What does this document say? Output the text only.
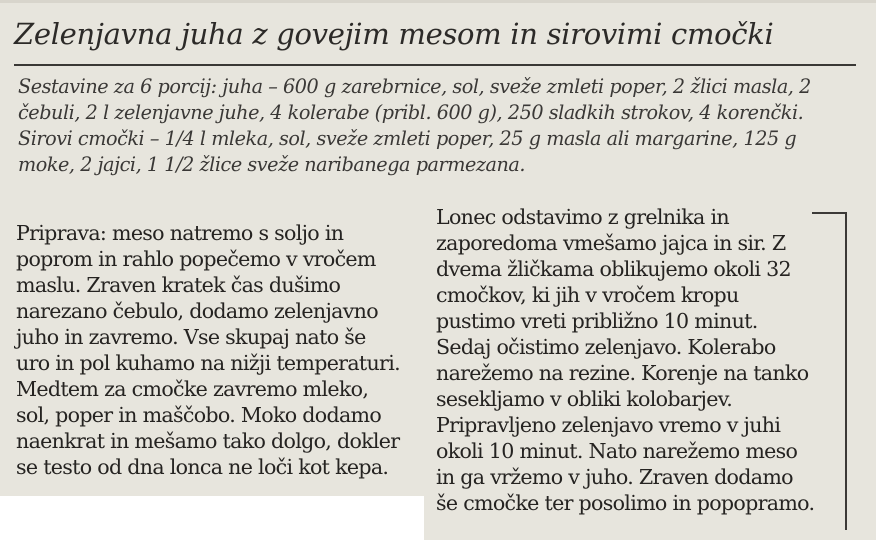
Zelenjavna juha z govejim mesom in sirovimi cmočki
Sestavine za 6 porcij: juha – 600 g zarebrnice, sol, sveže zmleti poper, 2 žlici masla, 2
čebuli, 2 l zelenjavne juhe, 4 kolerabe (pribl. 600 g), 250 sladkih strokov, 4 korenčki.
Sirovi cmočki – 1/4 l mleka, sol, sveže zmleti poper, 25 g masla ali margarine, 125 g
moke, 2 jajci, 1 1/2 žlice sveže naribanega parmezana.
Priprava: meso natremo s soljo in
poprom in rahlo popečemo v vročem
maslu. Zraven kratek čas dušimo
narezano čebulo, dodamo zelenjavno
juho in zavremo. Vse skupaj nato še
uro in pol kuhamo na nižji temperaturi.
Medtem za cmočke zavremo mleko,
sol, poper in maščobo. Moko dodamo
naenkrat in mešamo tako dolgo, dokler
se testo od dna lonca ne loči kot kepa.
Lonec odstavimo z grelnika in
zaporedoma vmešamo jajca in sir. Z
dvema žličkama oblikujemo okoli 32
cmočkov, ki jih v vročem kropu
pustimo vreti približno 10 minut.
Sedaj očistimo zelenjavo. Kolerabo
narežemo na rezine. Korenje na tanko
sesekljamo v obliki kolobarjev.
Pripravljeno zelenjavo vremo v juhi
okoli 10 minut. Nato narežemo meso
in ga vržemo v juho. Zraven dodamo
še cmočke ter posolimo in popopramo.
